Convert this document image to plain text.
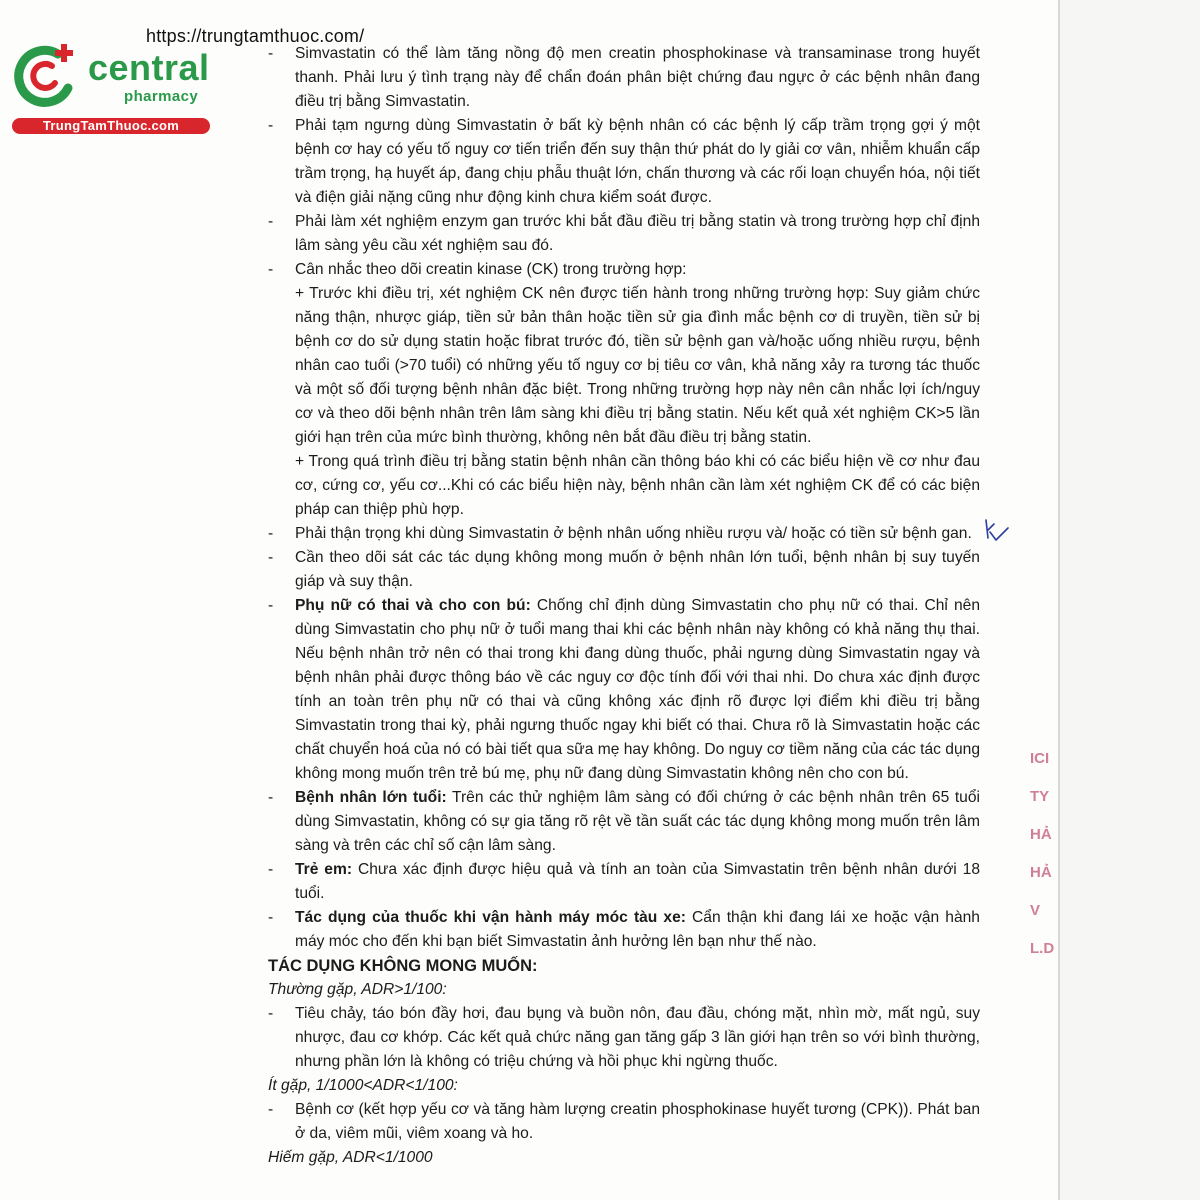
https://trungtamthuoc.com/
central
pharmacy
TrungTamThuoc.com
- Simvastatin có thể làm tăng nồng độ men creatin phosphokinase và transaminase trong huyết thanh. Phải lưu ý tình trạng này để chẩn đoán phân biệt chứng đau ngực ở các bệnh nhân đang điều trị bằng Simvastatin.
- Phải tạm ngưng dùng Simvastatin ở bất kỳ bệnh nhân có các bệnh lý cấp trầm trọng gợi ý một bệnh cơ hay có yếu tố nguy cơ tiến triển đến suy thận thứ phát do ly giải cơ vân, nhiễm khuẩn cấp trầm trọng, hạ huyết áp, đang chịu phẫu thuật lớn, chấn thương và các rối loạn chuyển hóa, nội tiết và điện giải nặng cũng như động kinh chưa kiểm soát được.
- Phải làm xét nghiệm enzym gan trước khi bắt đầu điều trị bằng statin và trong trường hợp chỉ định lâm sàng yêu cầu xét nghiệm sau đó.
- Cân nhắc theo dõi creatin kinase (CK) trong trường hợp:
+ Trước khi điều trị, xét nghiệm CK nên được tiến hành trong những trường hợp: Suy giảm chức năng thận, nhược giáp, tiền sử bản thân hoặc tiền sử gia đình mắc bệnh cơ di truyền, tiền sử bị bệnh cơ do sử dụng statin hoặc fibrat trước đó, tiền sử bệnh gan và/hoặc uống nhiều rượu, bệnh nhân cao tuổi (>70 tuổi) có những yếu tố nguy cơ bị tiêu cơ vân, khả năng xảy ra tương tác thuốc và một số đối tượng bệnh nhân đặc biệt. Trong những trường hợp này nên cân nhắc lợi ích/nguy cơ và theo dõi bệnh nhân trên lâm sàng khi điều trị bằng statin. Nếu kết quả xét nghiệm CK>5 lần giới hạn trên của mức bình thường, không nên bắt đầu điều trị bằng statin.
+ Trong quá trình điều trị bằng statin bệnh nhân cần thông báo khi có các biểu hiện về cơ như đau cơ, cứng cơ, yếu cơ...Khi có các biểu hiện này, bệnh nhân cần làm xét nghiệm CK để có các biện pháp can thiệp phù hợp.
- Phải thận trọng khi dùng Simvastatin ở bệnh nhân uống nhiều rượu và/ hoặc có tiền sử bệnh gan.
- Cần theo dõi sát các tác dụng không mong muốn ở bệnh nhân lớn tuổi, bệnh nhân bị suy tuyến giáp và suy thận.
- Phụ nữ có thai và cho con bú: Chống chỉ định dùng Simvastatin cho phụ nữ có thai. Chỉ nên dùng Simvastatin cho phụ nữ ở tuổi mang thai khi các bệnh nhân này không có khả năng thụ thai. Nếu bệnh nhân trở nên có thai trong khi đang dùng thuốc, phải ngưng dùng Simvastatin ngay và bệnh nhân phải được thông báo về các nguy cơ độc tính đối với thai nhi. Do chưa xác định được tính an toàn trên phụ nữ có thai và cũng không xác định rõ được lợi điểm khi điều trị bằng Simvastatin trong thai kỳ, phải ngưng thuốc ngay khi biết có thai. Chưa rõ là Simvastatin hoặc các chất chuyển hoá của nó có bài tiết qua sữa mẹ hay không. Do nguy cơ tiềm năng của các tác dụng không mong muốn trên trẻ bú mẹ, phụ nữ đang dùng Simvastatin không nên cho con bú.
- Bệnh nhân lớn tuổi: Trên các thử nghiệm lâm sàng có đối chứng ở các bệnh nhân trên 65 tuổi dùng Simvastatin, không có sự gia tăng rõ rệt về tần suất các tác dụng không mong muốn trên lâm sàng và trên các chỉ số cận lâm sàng.
- Trẻ em: Chưa xác định được hiệu quả và tính an toàn của Simvastatin trên bệnh nhân dưới 18 tuổi.
- Tác dụng của thuốc khi vận hành máy móc tàu xe: Cẩn thận khi đang lái xe hoặc vận hành máy móc cho đến khi bạn biết Simvastatin ảnh hưởng lên bạn như thế nào.
TÁC DỤNG KHÔNG MONG MUỐN:
Thường gặp, ADR>1/100:
- Tiêu chảy, táo bón đầy hơi, đau bụng và buồn nôn, đau đầu, chóng mặt, nhìn mờ, mất ngủ, suy nhược, đau cơ khớp. Các kết quả chức năng gan tăng gấp 3 lần giới hạn trên so với bình thường, nhưng phần lớn là không có triệu chứng và hồi phục khi ngừng thuốc.
Ít gặp, 1/1000<ADR<1/100:
- Bệnh cơ (kết hợp yếu cơ và tăng hàm lượng creatin phosphokinase huyết tương (CPK)). Phát ban ở da, viêm mũi, viêm xoang và ho.
Hiếm gặp, ADR<1/1000
ICI
TY
HẢ
HẢ
V
L.D
